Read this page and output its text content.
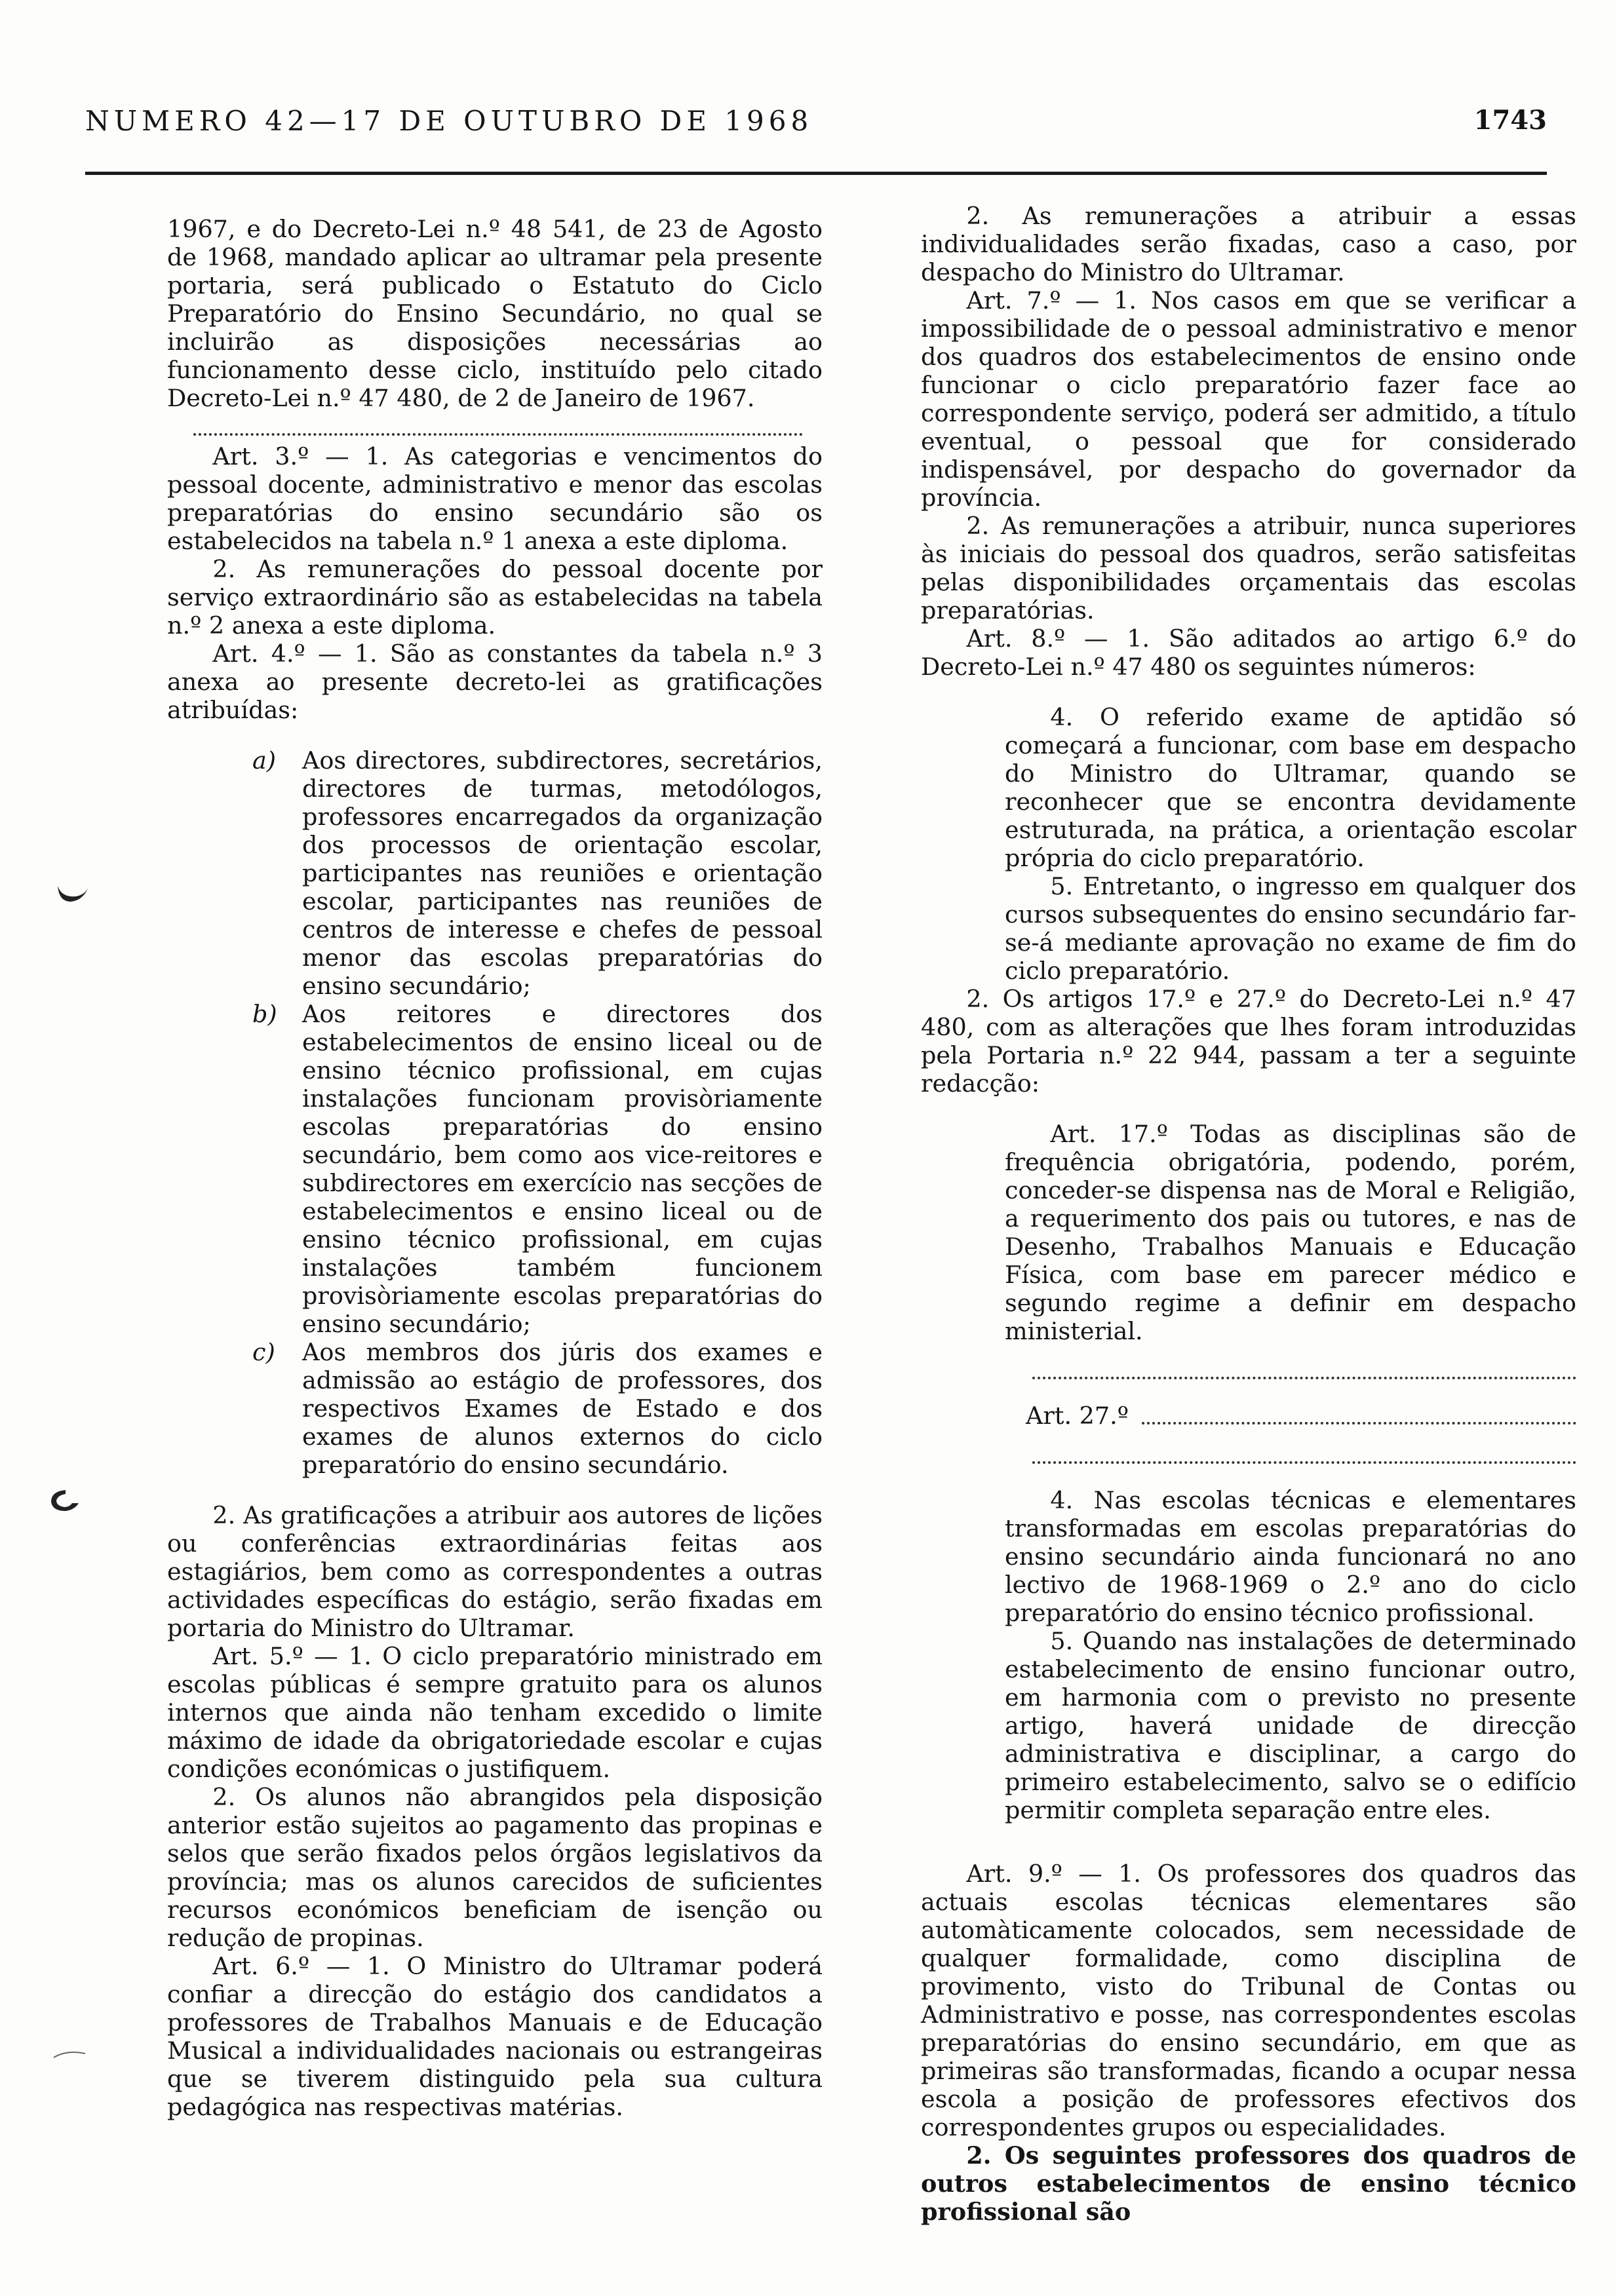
NUMERO 42—17 DE OUTUBRO DE 1968	1743

1967, e do Decreto-Lei n.º 48 541, de 23 de Agosto de 1968, mandado aplicar ao ultramar pela presente portaria, será publicado o Estatuto do Ciclo Preparatório do Ensino Secundário, no qual se incluirão as disposições necessárias ao funcionamento desse ciclo, instituído pelo citado Decreto-Lei n.º 47 480, de 2 de Janeiro de 1967.

Art. 3.º — 1. As categorias e vencimentos do pessoal docente, administrativo e menor das escolas preparatórias do ensino secundário são os estabelecidos na tabela n.º 1 anexa a este diploma.

2. As remunerações do pessoal docente por serviço extraordinário são as estabelecidas na tabela n.º 2 anexa a este diploma.

Art. 4.º — 1. São as constantes da tabela n.º 3 anexa ao presente decreto-lei as gratificações atribuídas:

a) Aos directores, subdirectores, secretários, directores de turmas, metodólogos, professores encarregados da organização dos processos de orientação escolar, participantes nas reuniões e orientação escolar, participantes nas reuniões de centros de interesse e chefes de pessoal menor das escolas preparatórias do ensino secundário;
b) Aos reitores e directores dos estabelecimentos de ensino liceal ou de ensino técnico profissional, em cujas instalações funcionam provisòriamente escolas preparatórias do ensino secundário, bem como aos vice-reitores e subdirectores em exercício nas secções de estabelecimentos e ensino liceal ou de ensino técnico profissional, em cujas instalações também funcionem provisòriamente escolas preparatórias do ensino secundário;
c) Aos membros dos júris dos exames e admissão ao estágio de professores, dos respectivos Exames de Estado e dos exames de alunos externos do ciclo preparatório do ensino secundário.

2. As gratificações a atribuir aos autores de lições ou conferências extraordinárias feitas aos estagiários, bem como as correspondentes a outras actividades específicas do estágio, serão fixadas em portaria do Ministro do Ultramar.

Art. 5.º — 1. O ciclo preparatório ministrado em escolas públicas é sempre gratuito para os alunos internos que ainda não tenham excedido o limite máximo de idade da obrigatoriedade escolar e cujas condições económicas o justifiquem.

2. Os alunos não abrangidos pela disposição anterior estão sujeitos ao pagamento das propinas e selos que serão fixados pelos órgãos legislativos da província; mas os alunos carecidos de suficientes recursos económicos beneficiam de isenção ou redução de propinas.

Art. 6.º — 1. O Ministro do Ultramar poderá confiar a direcção do estágio dos candidatos a professores de Trabalhos Manuais e de Educação Musical a individualidades nacionais ou estrangeiras que se tiverem distinguido pela sua cultura pedagógica nas respectivas matérias.

2. As remunerações a atribuir a essas individualidades serão fixadas, caso a caso, por despacho do Ministro do Ultramar.

Art. 7.º — 1. Nos casos em que se verificar a impossibilidade de o pessoal administrativo e menor dos quadros dos estabelecimentos de ensino onde funcionar o ciclo preparatório fazer face ao correspondente serviço, poderá ser admitido, a título eventual, o pessoal que for considerado indispensável, por despacho do governador da província.

2. As remunerações a atribuir, nunca superiores às iniciais do pessoal dos quadros, serão satisfeitas pelas disponibilidades orçamentais das escolas preparatórias.

Art. 8.º — 1. São aditados ao artigo 6.º do Decreto-Lei n.º 47 480 os seguintes números:

4. O referido exame de aptidão só começará a funcionar, com base em despacho do Ministro do Ultramar, quando se reconhecer que se encontra devidamente estruturada, na prática, a orientação escolar própria do ciclo preparatório.

5. Entretanto, o ingresso em qualquer dos cursos subsequentes do ensino secundário far-se-á mediante aprovação no exame de fim do ciclo preparatório.

2. Os artigos 17.º e 27.º do Decreto-Lei n.º 47 480, com as alterações que lhes foram introduzidas pela Portaria n.º 22 944, passam a ter a seguinte redacção:

Art. 17.º Todas as disciplinas são de frequência obrigatória, podendo, porém, conceder-se dispensa nas de Moral e Religião, a requerimento dos pais ou tutores, e nas de Desenho, Trabalhos Manuais e Educação Física, com base em parecer médico e segundo regime a definir em despacho ministerial.

Art. 27.º

4. Nas escolas técnicas e elementares transformadas em escolas preparatórias do ensino secundário ainda funcionará no ano lectivo de 1968-1969 o 2.º ano do ciclo preparatório do ensino técnico profissional.

5. Quando nas instalações de determinado estabelecimento de ensino funcionar outro, em harmonia com o previsto no presente artigo, haverá unidade de direcção administrativa e disciplinar, a cargo do primeiro estabelecimento, salvo se o edifício permitir completa separação entre eles.

Art. 9.º — 1. Os professores dos quadros das actuais escolas técnicas elementares são automàticamente colocados, sem necessidade de qualquer formalidade, como disciplina de provimento, visto do Tribunal de Contas ou Administrativo e posse, nas correspondentes escolas preparatórias do ensino secundário, em que as primeiras são transformadas, ficando a ocupar nessa escola a posição de professores efectivos dos correspondentes grupos ou especialidades.

2. Os seguintes professores dos quadros de outros estabelecimentos de ensino técnico profissional são
